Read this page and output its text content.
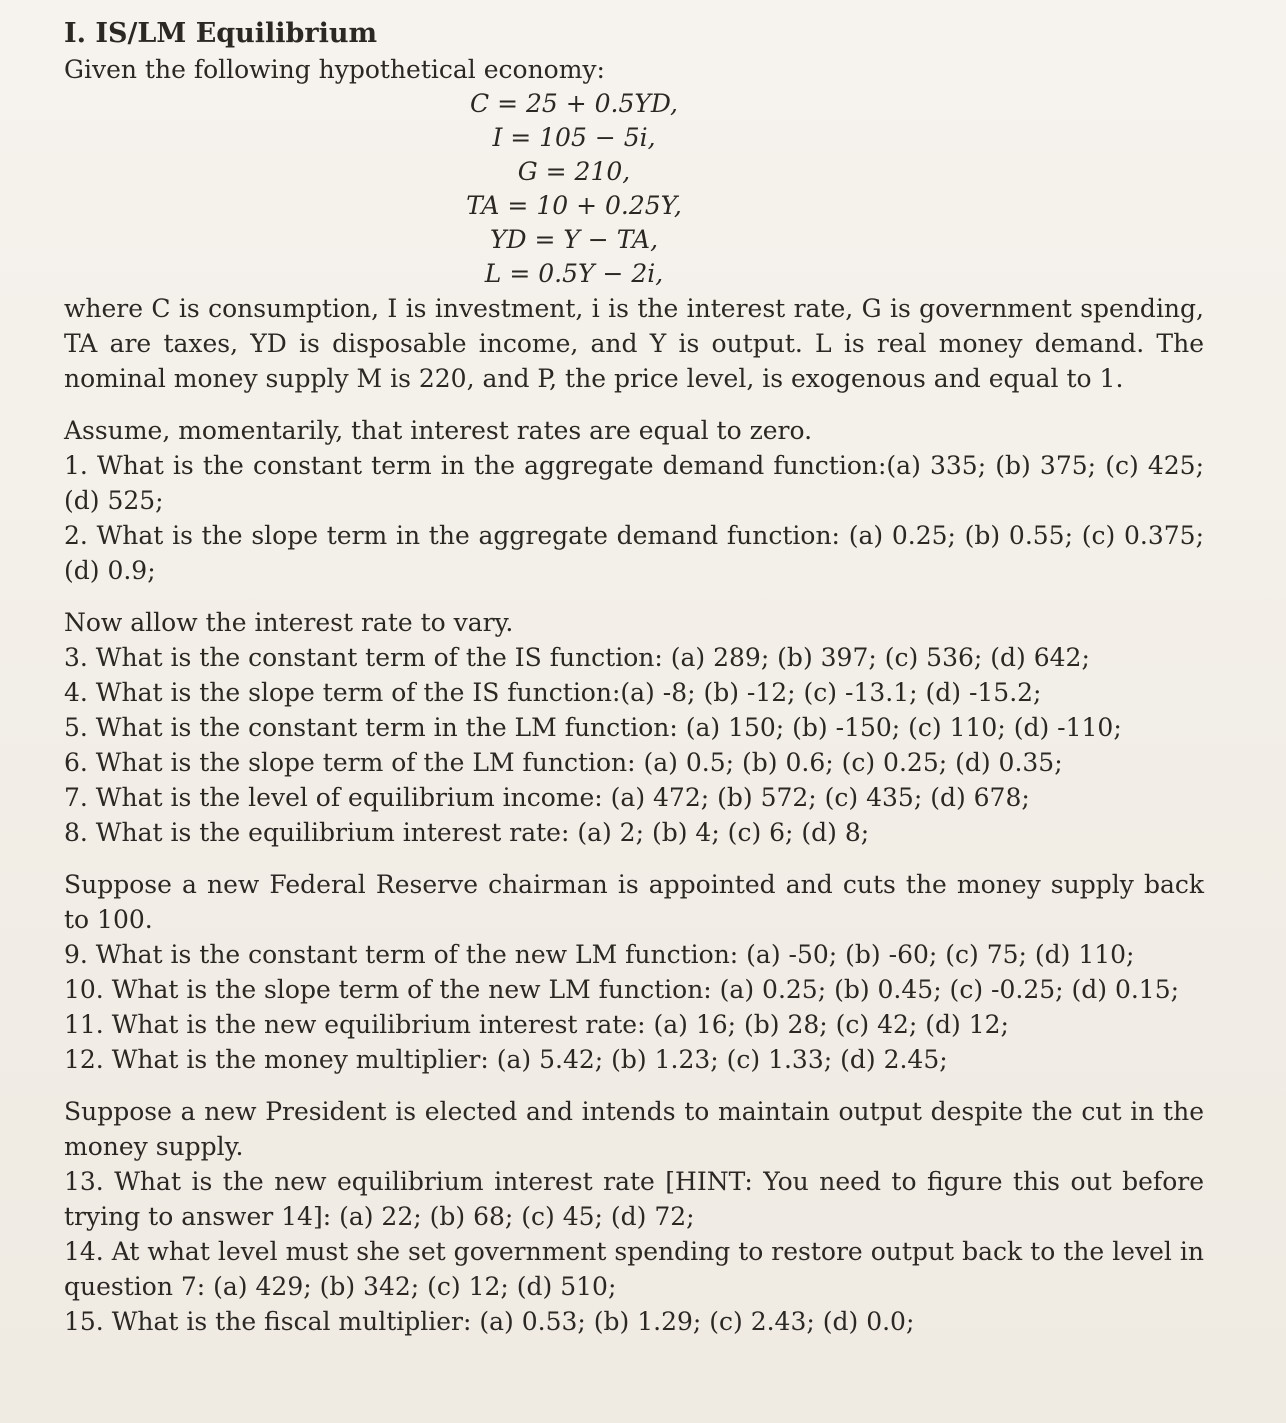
I. IS/LM Equilibrium
Given the following hypothetical economy:
C = 25 + 0.5YD,
I = 105 − 5i,
G = 210,
TA = 10 + 0.25Y,
YD = Y − TA,
L = 0.5Y − 2i,
where C is consumption, I is investment, i is the interest rate, G is government spending, TA are taxes, YD is disposable income, and Y is output. L is real money demand. The nominal money supply M is 220, and P, the price level, is exogenous and equal to 1.
Assume, momentarily, that interest rates are equal to zero.
1. What is the constant term in the aggregate demand function:(a) 335; (b) 375; (c) 425; (d) 525;
2. What is the slope term in the aggregate demand function: (a) 0.25; (b) 0.55; (c) 0.375; (d) 0.9;
Now allow the interest rate to vary.
3. What is the constant term of the IS function: (a) 289; (b) 397; (c) 536; (d) 642;
4. What is the slope term of the IS function:(a) -8; (b) -12; (c) -13.1; (d) -15.2;
5. What is the constant term in the LM function: (a) 150; (b) -150; (c) 110; (d) -110;
6. What is the slope term of the LM function: (a) 0.5; (b) 0.6; (c) 0.25; (d) 0.35;
7. What is the level of equilibrium income: (a) 472; (b) 572; (c) 435; (d) 678;
8. What is the equilibrium interest rate: (a) 2; (b) 4; (c) 6; (d) 8;
Suppose a new Federal Reserve chairman is appointed and cuts the money supply back to 100.
9. What is the constant term of the new LM function: (a) -50; (b) -60; (c) 75; (d) 110;
10. What is the slope term of the new LM function: (a) 0.25; (b) 0.45; (c) -0.25; (d) 0.15;
11. What is the new equilibrium interest rate: (a) 16; (b) 28; (c) 42; (d) 12;
12. What is the money multiplier: (a) 5.42; (b) 1.23; (c) 1.33; (d) 2.45;
Suppose a new President is elected and intends to maintain output despite the cut in the money supply.
13. What is the new equilibrium interest rate [HINT: You need to figure this out before trying to answer 14]: (a) 22; (b) 68; (c) 45; (d) 72;
14. At what level must she set government spending to restore output back to the level in question 7: (a) 429; (b) 342; (c) 12; (d) 510;
15. What is the fiscal multiplier: (a) 0.53; (b) 1.29; (c) 2.43; (d) 0.0;
